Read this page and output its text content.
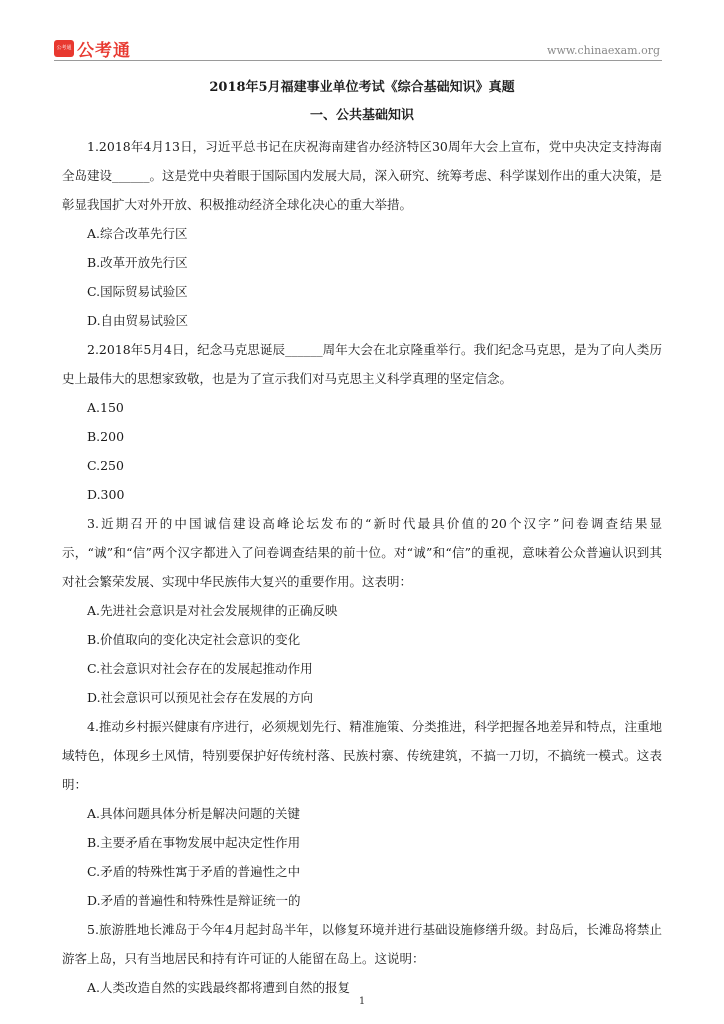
公考通 公考通	www.chinaexam.org

2018年5月福建事业单位考试《综合基础知识》真题

一、公共基础知识

1.2018年4月13日，习近平总书记在庆祝海南建省办经济特区30周年大会上宣布，党中央决定支持海南全岛建设______。这是党中央着眼于国际国内发展大局，深入研究、统筹考虑、科学谋划作出的重大决策，是彰显我国扩大对外开放、积极推动经济全球化决心的重大举措。

A.综合改革先行区

B.改革开放先行区

C.国际贸易试验区

D.自由贸易试验区

2.2018年5月4日，纪念马克思诞辰______周年大会在北京隆重举行。我们纪念马克思，是为了向人类历史上最伟大的思想家致敬，也是为了宣示我们对马克思主义科学真理的坚定信念。

A.150

B.200

C.250

D.300

3.近期召开的中国诚信建设高峰论坛发布的“新时代最具价值的20个汉字”问卷调查结果显示，“诚”和“信”两个汉字都进入了问卷调查结果的前十位。对“诚”和“信”的重视，意味着公众普遍认识到其对社会繁荣发展、实现中华民族伟大复兴的重要作用。这表明：

A.先进社会意识是对社会发展规律的正确反映

B.价值取向的变化决定社会意识的变化

C.社会意识对社会存在的发展起推动作用

D.社会意识可以预见社会存在发展的方向

4.推动乡村振兴健康有序进行，必须规划先行、精准施策、分类推进，科学把握各地差异和特点，注重地域特色，体现乡土风情，特别要保护好传统村落、民族村寨、传统建筑，不搞一刀切，不搞统一模式。这表明：

A.具体问题具体分析是解决问题的关键

B.主要矛盾在事物发展中起决定性作用

C.矛盾的特殊性寓于矛盾的普遍性之中

D.矛盾的普遍性和特殊性是辩证统一的

5.旅游胜地长滩岛于今年4月起封岛半年，以修复环境并进行基础设施修缮升级。封岛后，长滩岛将禁止游客上岛，只有当地居民和持有许可证的人能留在岛上。这说明：

A.人类改造自然的实践最终都将遭到自然的报复

1
